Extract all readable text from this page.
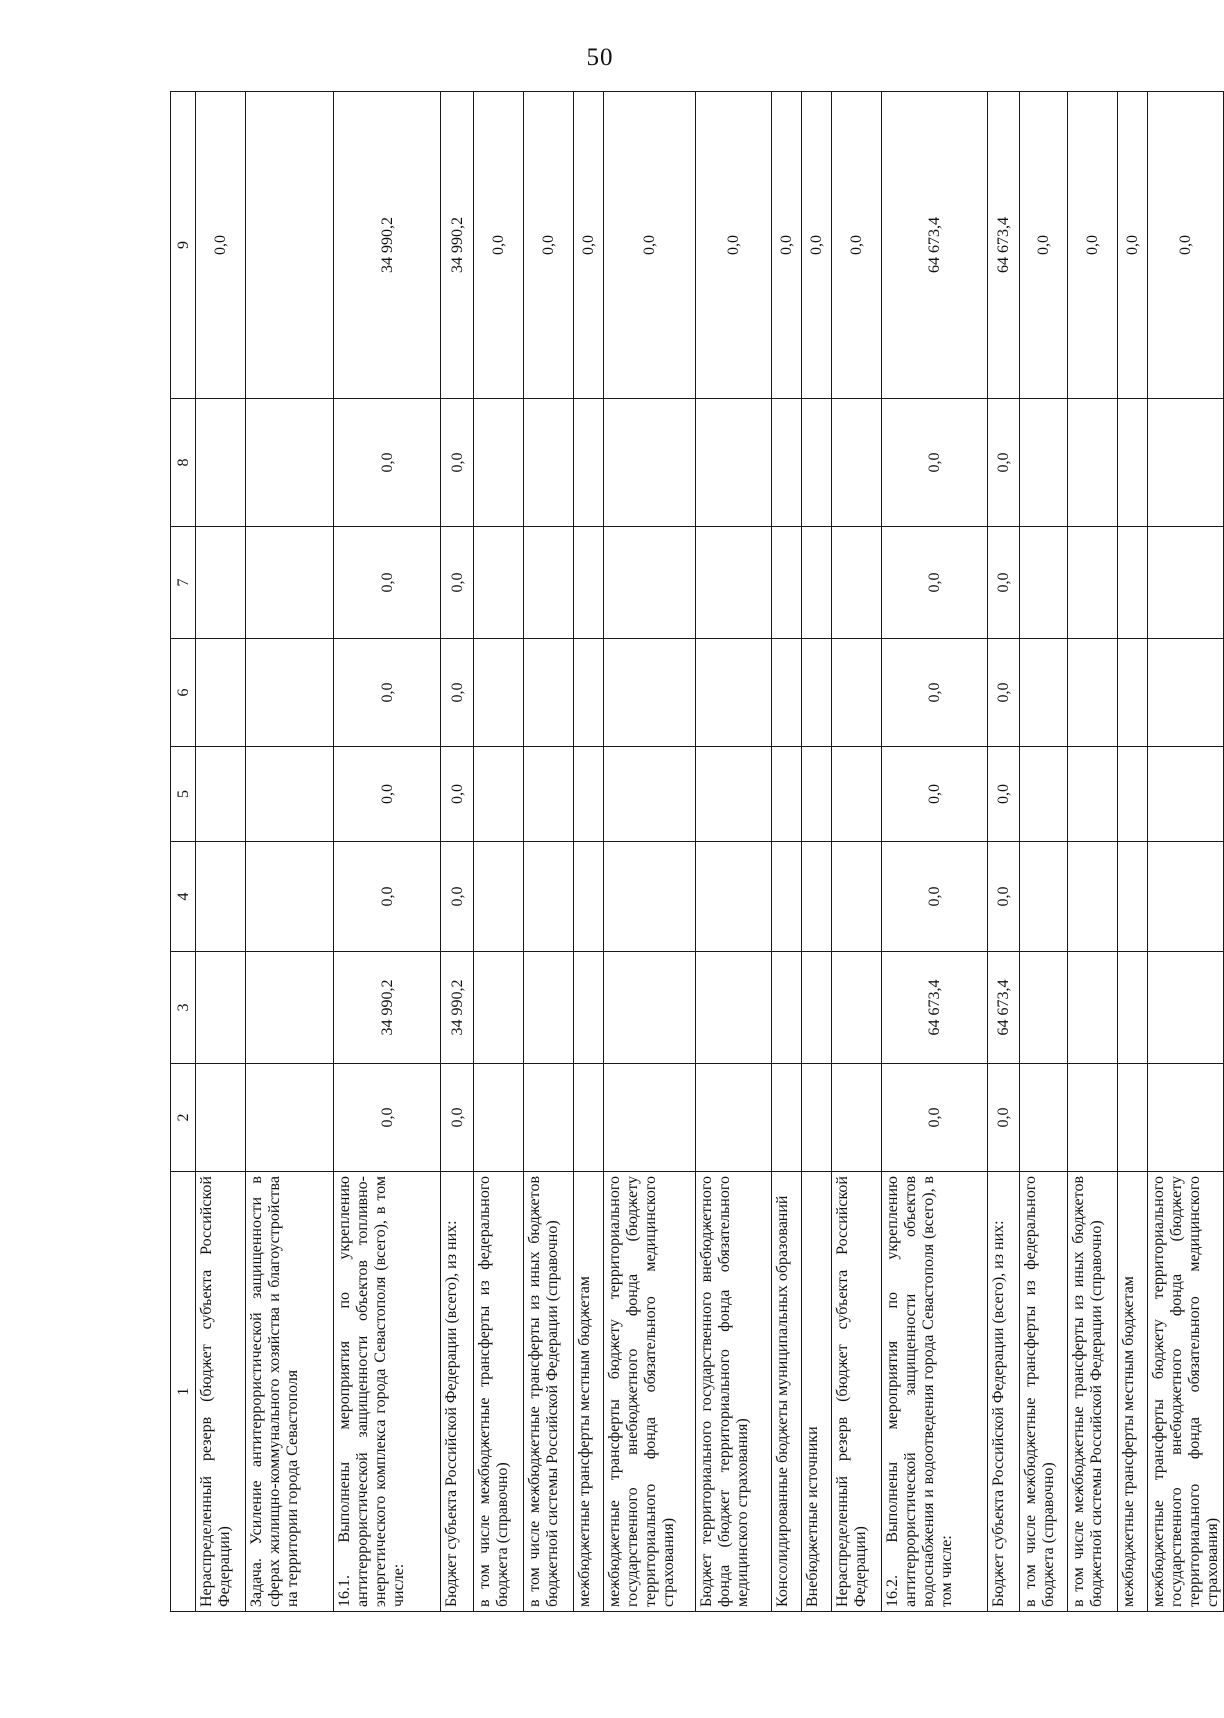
50
1	2	3	4	5	6	7	8	9
Нераспределенный резерв (бюджет субъекта Российской Федерации)								0,0
Задача. Усиление антитеррористической защищенности в сферах жилищно-коммунального хозяйства и благоустройства на территории города Севастополя								
16.1. Выполнены мероприятия по укреплению антитеррористической защищенности объектов топливно-энергетического комплекса города Севастополя (всего), в том числе:	0,0	34 990,2	0,0	0,0	0,0	0,0	0,0	34 990,2
Бюджет субъекта Российской Федерации (всего), из них:	0,0	34 990,2	0,0	0,0	0,0	0,0	0,0	34 990,2
в том числе межбюджетные трансферты из федерального бюджета (справочно)								0,0
в том числе межбюджетные трансферты из иных бюджетов бюджетной системы Российской Федерации (справочно)								0,0
межбюджетные трансферты местным бюджетам								0,0
межбюджетные трансферты бюджету территориального государственного внебюджетного фонда (бюджету территориального фонда обязательного медицинского страхования)								0,0
Бюджет территориального государственного внебюджетного фонда (бюджет территориального фонда обязательного медицинского страхования)								0,0
Консолидированные бюджеты муниципальных образований								0,0
Внебюджетные источники								0,0
Нераспределенный резерв (бюджет субъекта Российской Федерации)								0,0
16.2. Выполнены мероприятия по укреплению антитеррористической защищенности объектов водоснабжения и водоотведения города Севастополя (всего), в том числе:	0,0	64 673,4	0,0	0,0	0,0	0,0	0,0	64 673,4
Бюджет субъекта Российской Федерации (всего), из них:	0,0	64 673,4	0,0	0,0	0,0	0,0	0,0	64 673,4
в том числе межбюджетные трансферты из федерального бюджета (справочно)								0,0
в том числе межбюджетные трансферты из иных бюджетов бюджетной системы Российской Федерации (справочно)								0,0
межбюджетные трансферты местным бюджетам								0,0
межбюджетные трансферты бюджету территориального государственного внебюджетного фонда (бюджету территориального фонда обязательного медицинского страхования)								0,0
